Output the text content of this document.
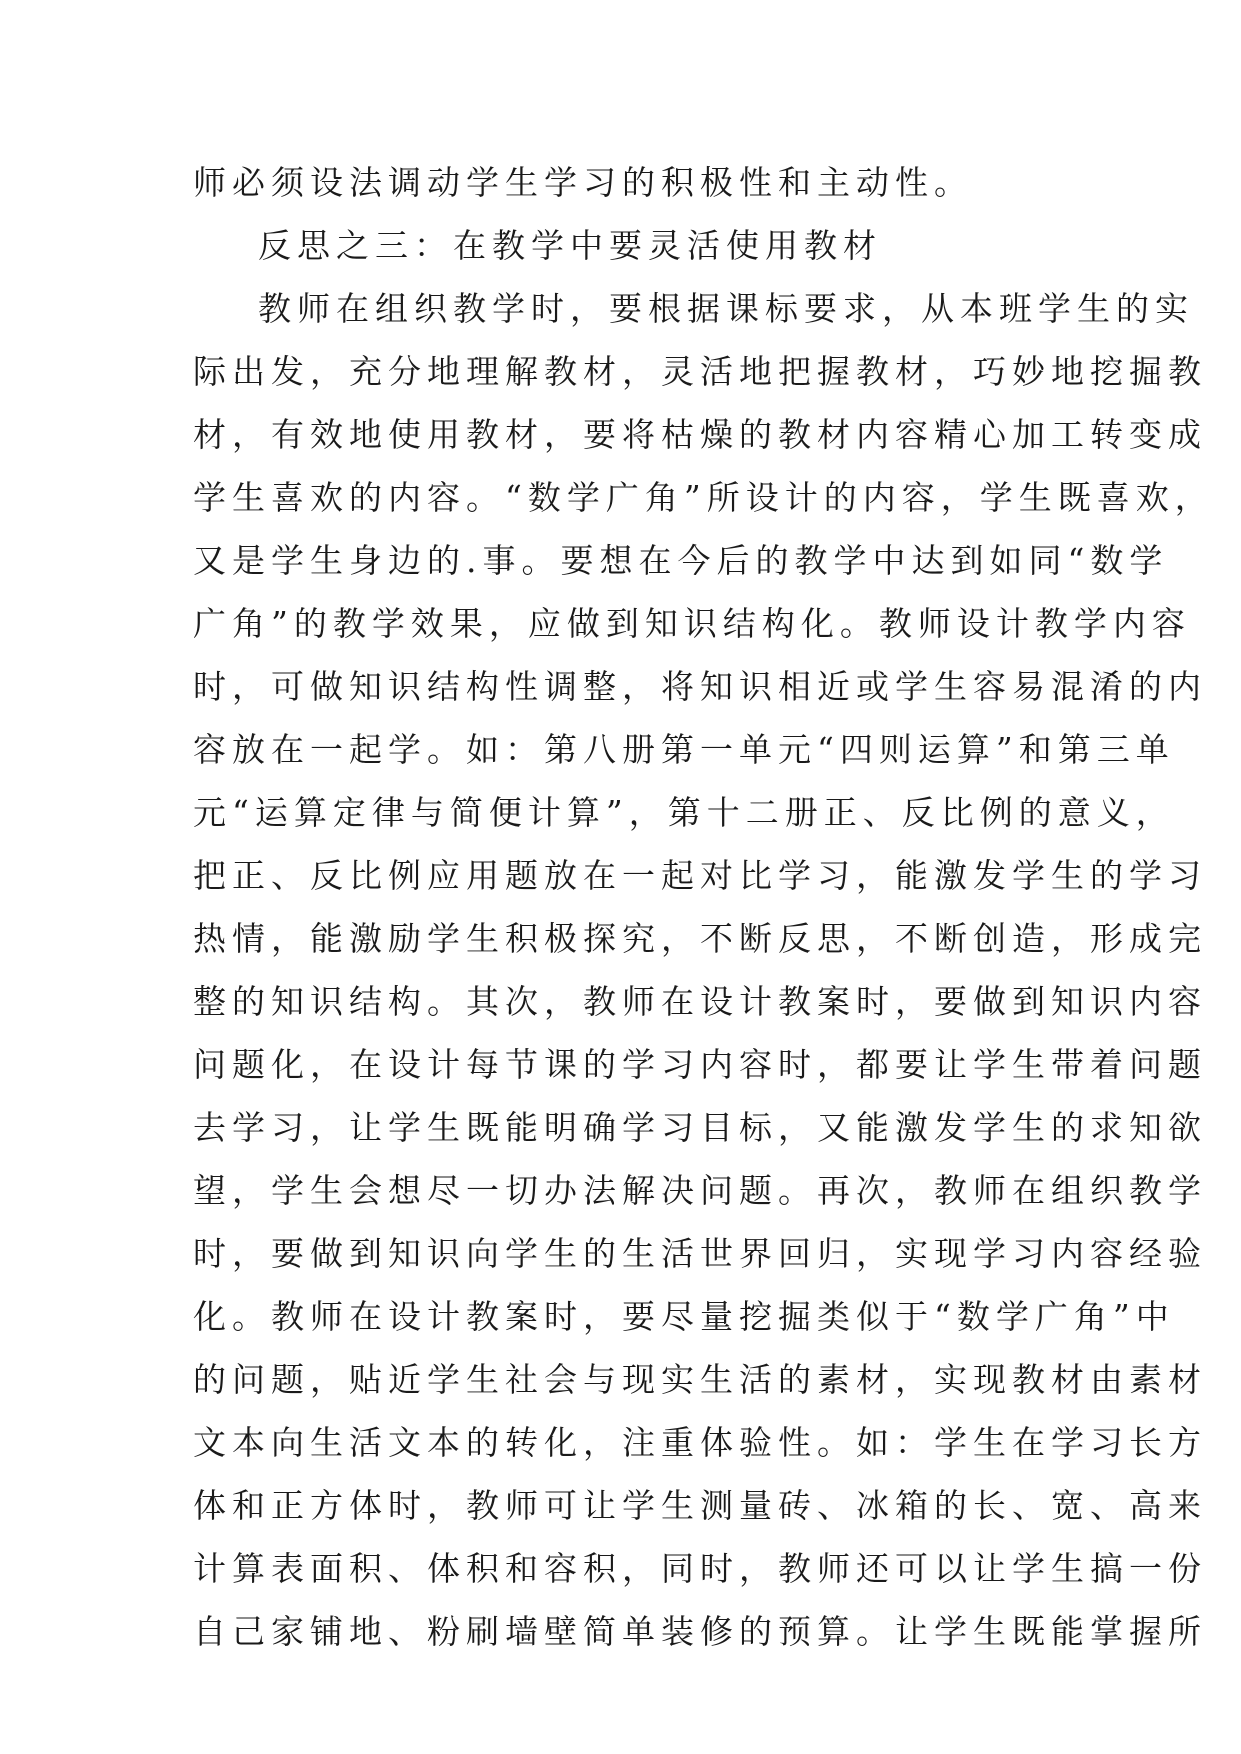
师必须设法调动学生学习的积极性和主动性。
反思之三：在教学中要灵活使用教材
教师在组织教学时，要根据课标要求，从本班学生的实
际出发，充分地理解教材，灵活地把握教材，巧妙地挖掘教
材，有效地使用教材，要将枯燥的教材内容精心加工转变成
学生喜欢的内容。“数学广角”所设计的内容，学生既喜欢，
又是学生身边的.事。要想在今后的教学中达到如同“数学
广角”的教学效果，应做到知识结构化。教师设计教学内容
时，可做知识结构性调整，将知识相近或学生容易混淆的内
容放在一起学。如：第八册第一单元“四则运算”和第三单
元“运算定律与简便计算”，第十二册正、反比例的意义，
把正、反比例应用题放在一起对比学习，能激发学生的学习
热情，能激励学生积极探究，不断反思，不断创造，形成完
整的知识结构。其次，教师在设计教案时，要做到知识内容
问题化，在设计每节课的学习内容时，都要让学生带着问题
去学习，让学生既能明确学习目标，又能激发学生的求知欲
望，学生会想尽一切办法解决问题。再次，教师在组织教学
时，要做到知识向学生的生活世界回归，实现学习内容经验
化。教师在设计教案时，要尽量挖掘类似于“数学广角”中
的问题，贴近学生社会与现实生活的素材，实现教材由素材
文本向生活文本的转化，注重体验性。如：学生在学习长方
体和正方体时，教师可让学生测量砖、冰箱的长、宽、高来
计算表面积、体积和容积，同时，教师还可以让学生搞一份
自己家铺地、粉刷墙壁简单装修的预算。让学生既能掌握所
